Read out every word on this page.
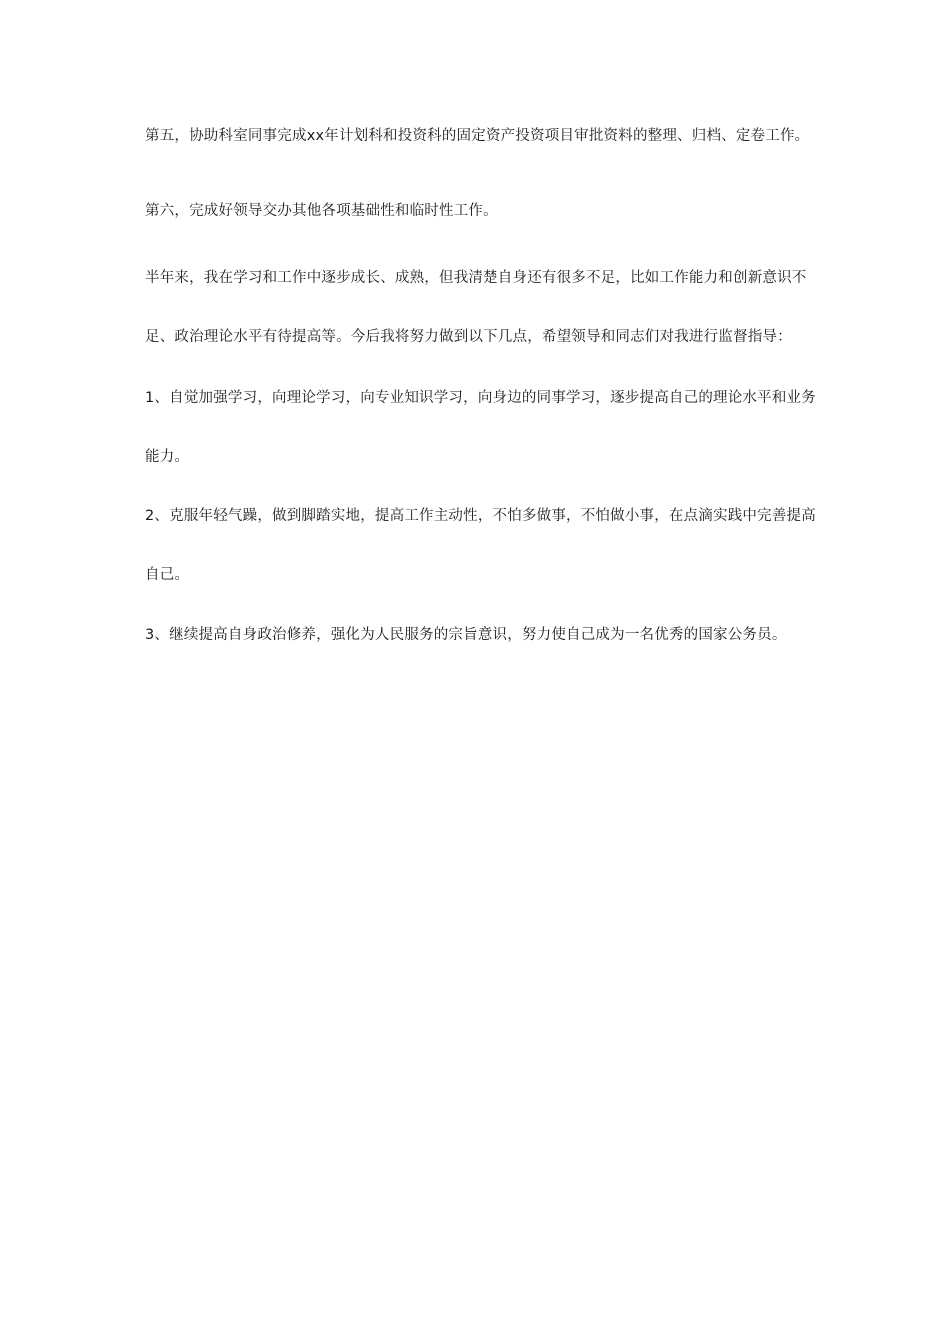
第五，协助科室同事完成xx年计划科和投资科的固定资产投资项目审批资料的整理、归档、定卷工作。

第六，完成好领导交办其他各项基础性和临时性工作。

半年来，我在学习和工作中逐步成长、成熟，但我清楚自身还有很多不足，比如工作能力和创新意识不足、政治理论水平有待提高等。今后我将努力做到以下几点，希望领导和同志们对我进行监督指导：

1、自觉加强学习，向理论学习，向专业知识学习，向身边的同事学习，逐步提高自己的理论水平和业务能力。

2、克服年轻气躁，做到脚踏实地，提高工作主动性，不怕多做事，不怕做小事，在点滴实践中完善提高自己。

3、继续提高自身政治修养，强化为人民服务的宗旨意识，努力使自己成为一名优秀的国家公务员。
